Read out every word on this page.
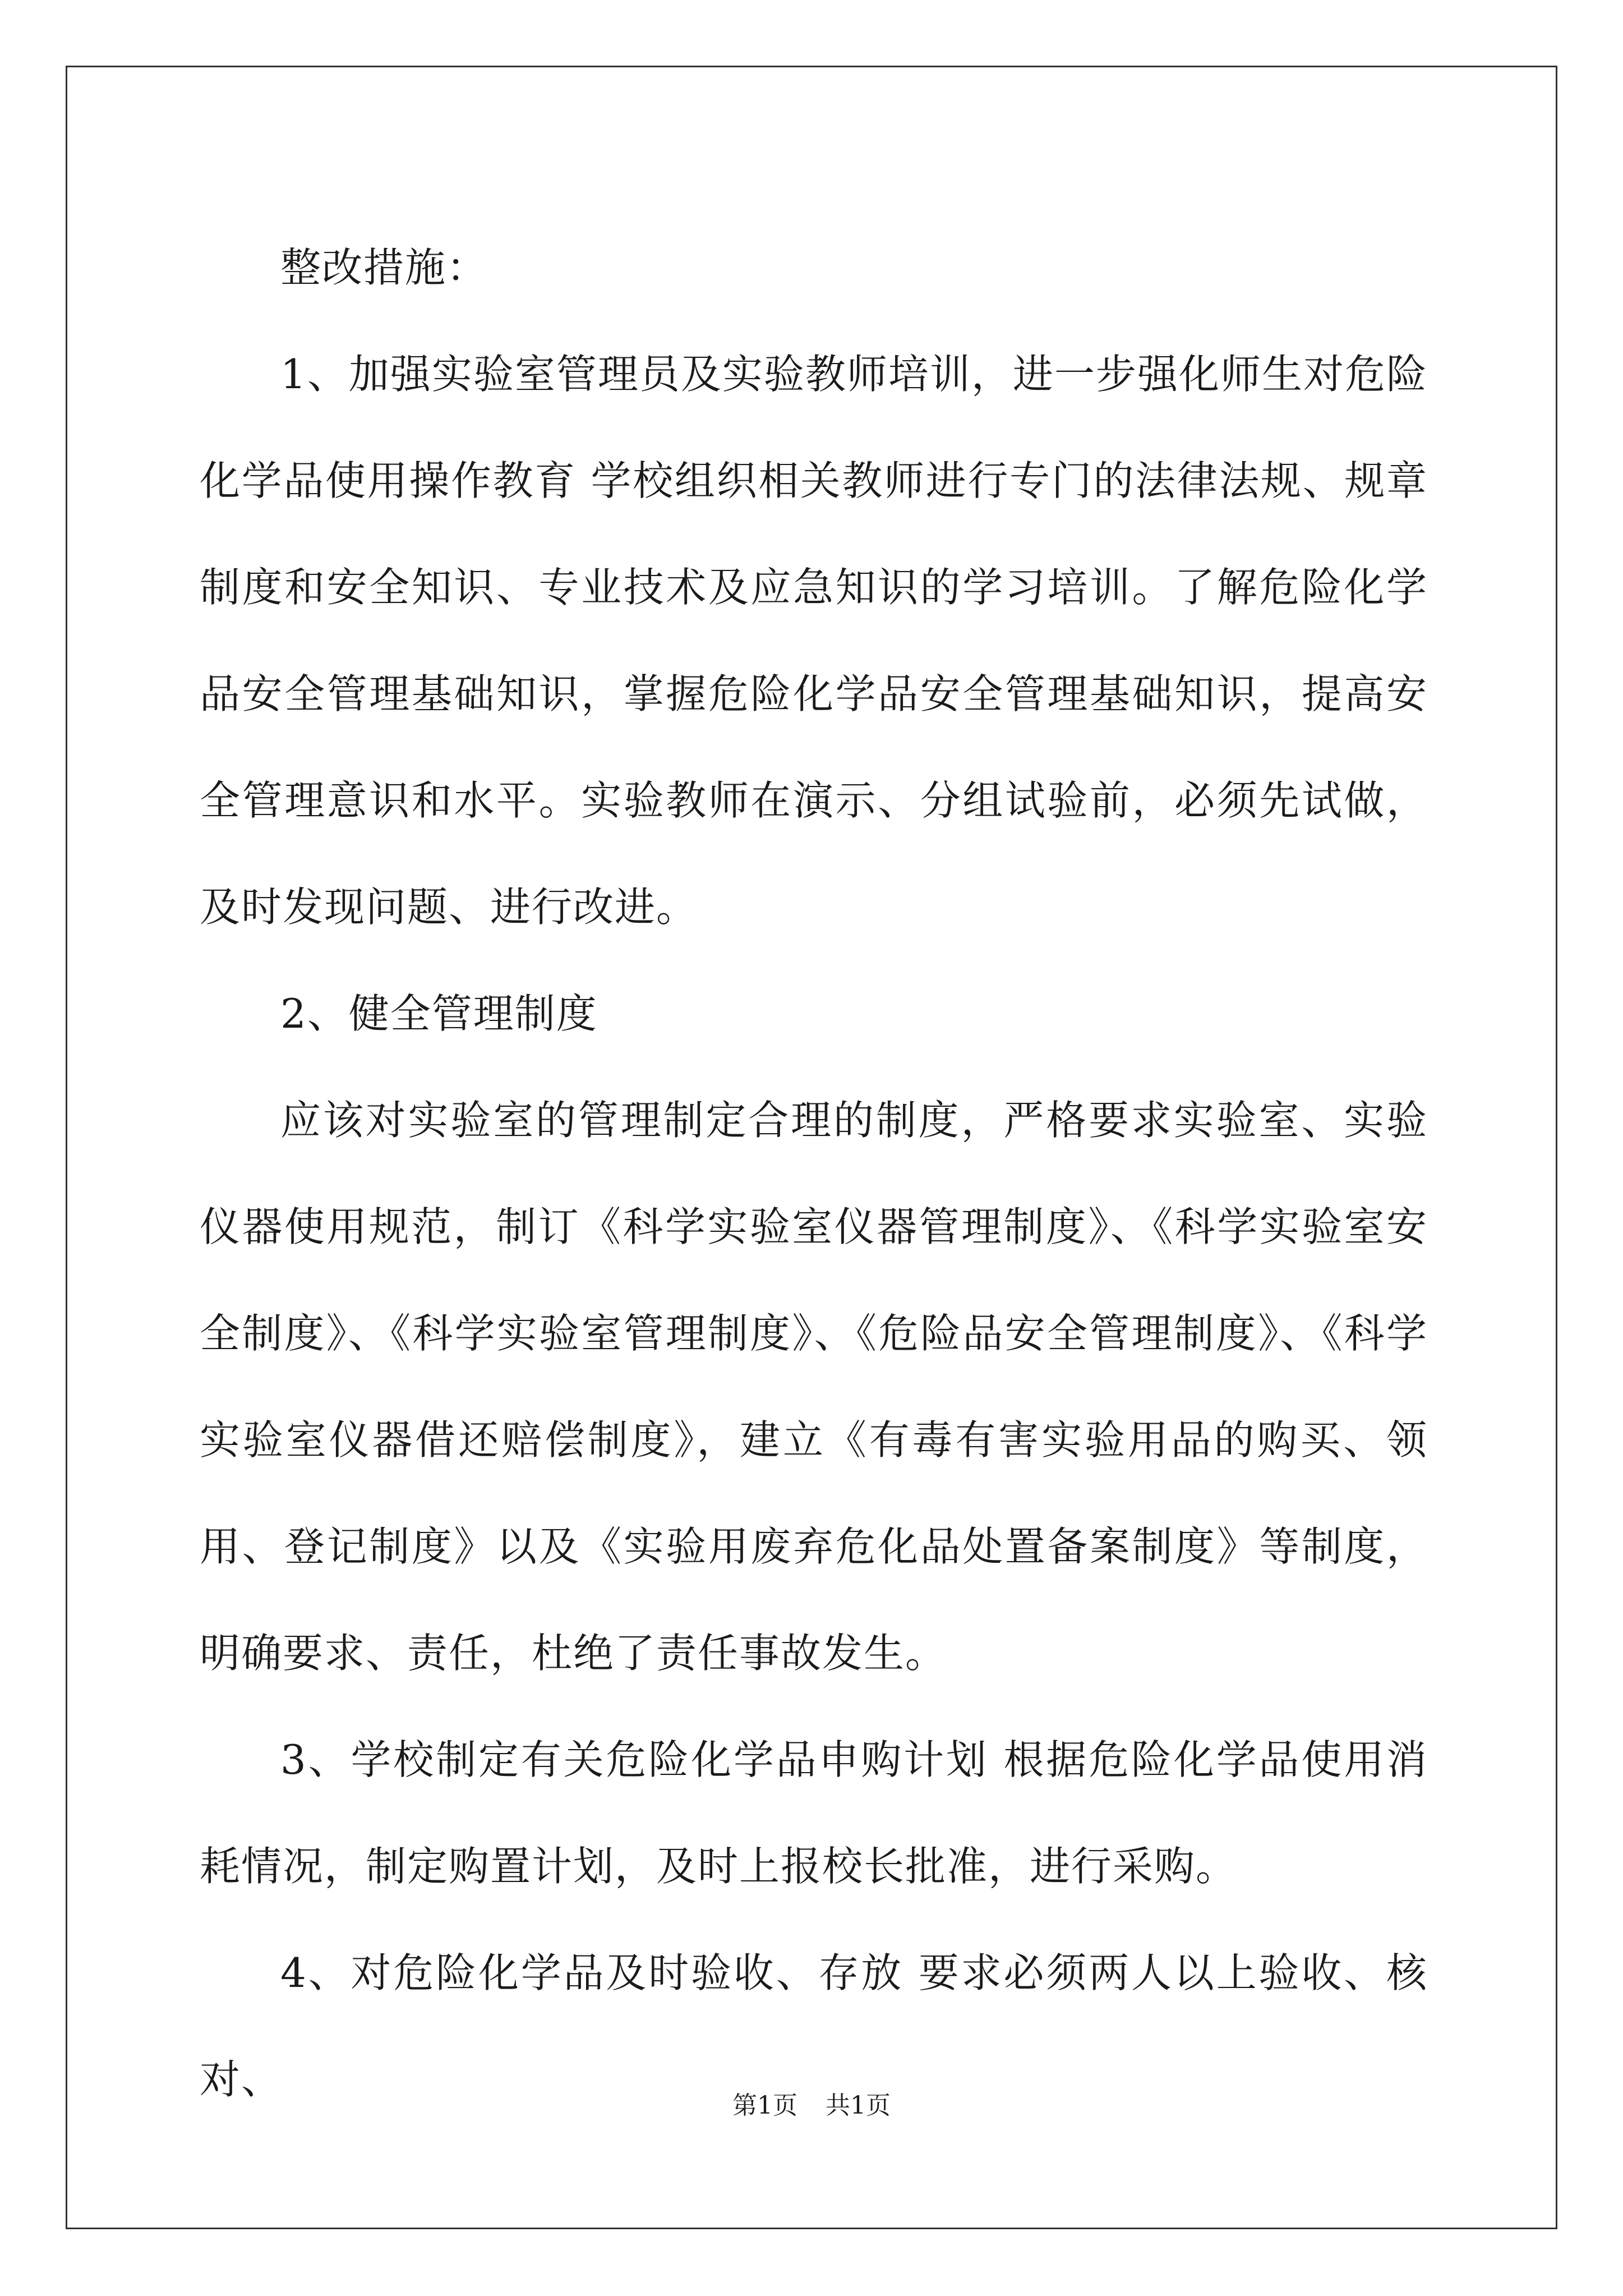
整改措施：

1、加强实验室管理员及实验教师培训，进一步强化师生对危险化学品使用操作教育 学校组织相关教师进行专门的法律法规、规章制度和安全知识、专业技术及应急知识的学习培训。了解危险化学品安全管理基础知识，掌握危险化学品安全管理基础知识，提高安全管理意识和水平。实验教师在演示、分组试验前，必须先试做，及时发现问题、进行改进。

2、健全管理制度

应该对实验室的管理制定合理的制度，严格要求实验室、实验仪器使用规范，制订《科学实验室仪器管理制度》、《科学实验室安全制度》、《科学实验室管理制度》、《危险品安全管理制度》、《科学实验室仪器借还赔偿制度》，建立《有毒有害实验用品的购买、领用、登记制度》以及《实验用废弃危化品处置备案制度》等制度，明确要求、责任，杜绝了责任事故发生。

3、学校制定有关危险化学品申购计划 根据危险化学品使用消耗情况，制定购置计划，及时上报校长批准，进行采购。

4、对危险化学品及时验收、存放 要求必须两人以上验收、核对、

第1页 共1页
